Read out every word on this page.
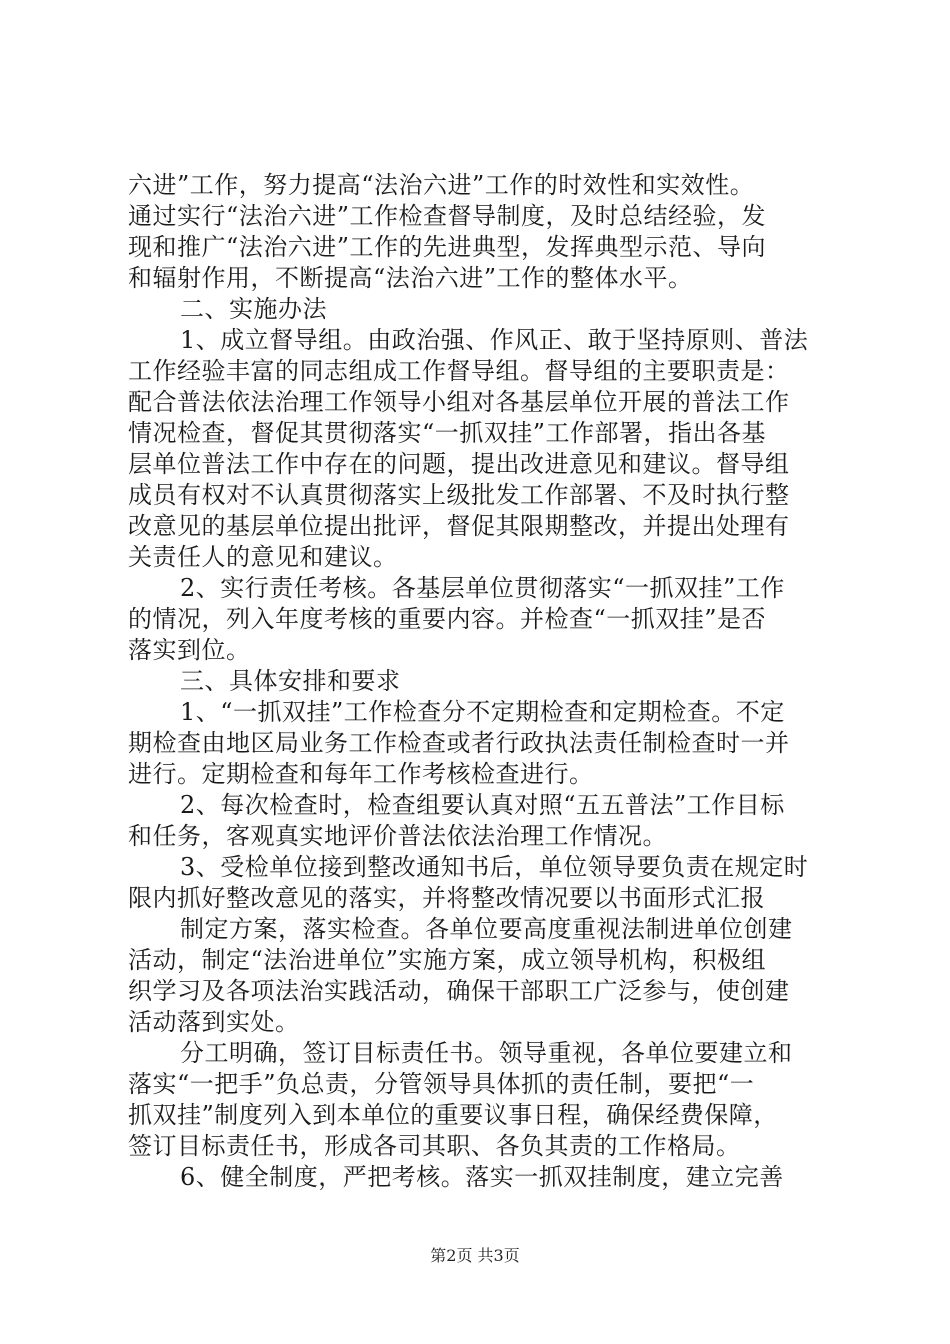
六进”工作，努力提高“法治六进”工作的时效性和实效性。
通过实行“法治六进”工作检查督导制度，及时总结经验，发
现和推广“法治六进”工作的先进典型，发挥典型示范、导向
和辐射作用，不断提高“法治六进”工作的整体水平。
二、实施办法
1、成立督导组。由政治强、作风正、敢于坚持原则、普法
工作经验丰富的同志组成工作督导组。督导组的主要职责是：
配合普法依法治理工作领导小组对各基层单位开展的普法工作
情况检查，督促其贯彻落实“一抓双挂”工作部署，指出各基
层单位普法工作中存在的问题，提出改进意见和建议。督导组
成员有权对不认真贯彻落实上级批发工作部署、不及时执行整
改意见的基层单位提出批评，督促其限期整改，并提出处理有
关责任人的意见和建议。
2、实行责任考核。各基层单位贯彻落实“一抓双挂”工作
的情况，列入年度考核的重要内容。并检查“一抓双挂”是否
落实到位。
三、具体安排和要求
1、“一抓双挂”工作检查分不定期检查和定期检查。不定
期检查由地区局业务工作检查或者行政执法责任制检查时一并
进行。定期检查和每年工作考核检查进行。
2、每次检查时，检查组要认真对照“五五普法”工作目标
和任务，客观真实地评价普法依法治理工作情况。
3、受检单位接到整改通知书后，单位领导要负责在规定时
限内抓好整改意见的落实，并将整改情况要以书面形式汇报
制定方案，落实检查。各单位要高度重视法制进单位创建
活动，制定“法治进单位”实施方案，成立领导机构，积极组
织学习及各项法治实践活动，确保干部职工广泛参与，使创建
活动落到实处。
分工明确，签订目标责任书。领导重视，各单位要建立和
落实“一把手”负总责，分管领导具体抓的责任制，要把“一
抓双挂”制度列入到本单位的重要议事日程，确保经费保障，
签订目标责任书，形成各司其职、各负其责的工作格局。
6、健全制度，严把考核。落实一抓双挂制度，建立完善
第2页 共3页
